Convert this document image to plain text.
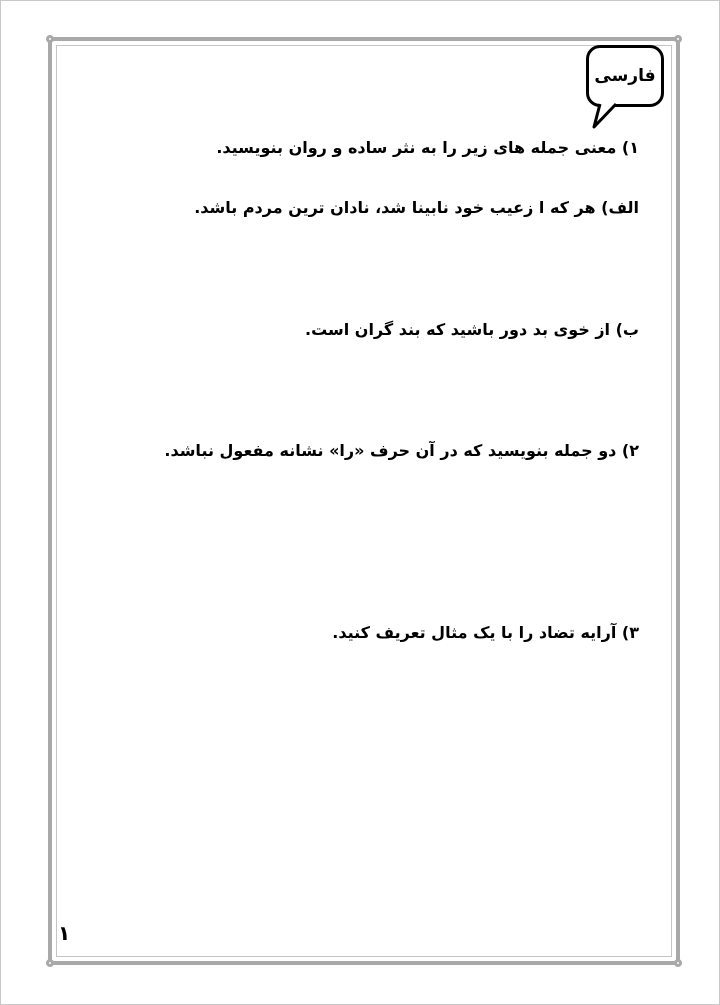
فارسی
۱) معنی جمله های زیر را به نثر ساده و روان بنویسید.
الف) هر که ا زعیب خود نابینا شد، نادان ترین مردم باشد.
ب) از خوی بد دور باشید که بند گران است.
۲) دو جمله بنویسید که در آن حرف «را» نشانه مفعول نباشد.
۳) آرایه تضاد را با یک مثال تعریف کنید.
۱
